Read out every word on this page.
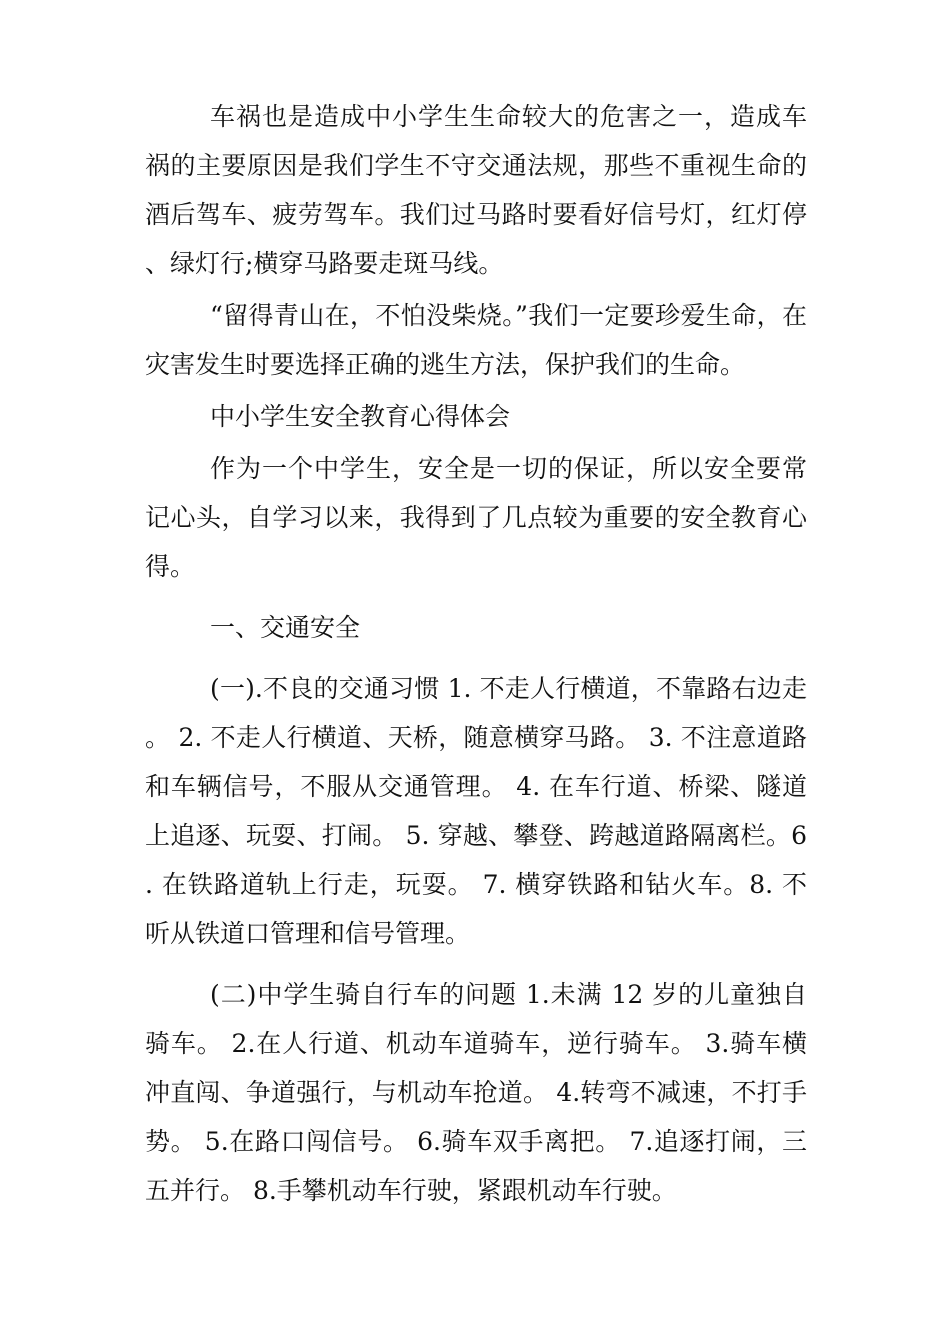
车祸也是造成中小学生生命较大的危害之一，造成车祸的主要原因是我们学生不守交通法规，那些不重视生命的酒后驾车、疲劳驾车。我们过马路时要看好信号灯，红灯停、绿灯行;横穿马路要走斑马线。

“留得青山在，不怕没柴烧。”我们一定要珍爱生命，在灾害发生时要选择正确的逃生方法，保护我们的生命。

中小学生安全教育心得体会

作为一个中学生，安全是一切的保证，所以安全要常记心头，自学习以来，我得到了几点较为重要的安全教育心得。

一、交通安全

(一).不良的交通习惯 1. 不走人行横道，不靠路右边走。 2. 不走人行横道、天桥，随意横穿马路。 3. 不注意道路和车辆信号，不服从交通管理。 4. 在车行道、桥梁、隧道上追逐、玩耍、打闹。 5. 穿越、攀登、跨越道路隔离栏。6. 在铁路道轨上行走，玩耍。 7. 横穿铁路和钻火车。8. 不听从铁道口管理和信号管理。

(二)中学生骑自行车的问题 1.未满 12 岁的儿童独自骑车。 2.在人行道、机动车道骑车，逆行骑车。 3.骑车横冲直闯、争道强行，与机动车抢道。 4.转弯不减速，不打手势。 5.在路口闯信号。 6.骑车双手离把。 7.追逐打闹，三五并行。 8.手攀机动车行驶，紧跟机动车行驶。
